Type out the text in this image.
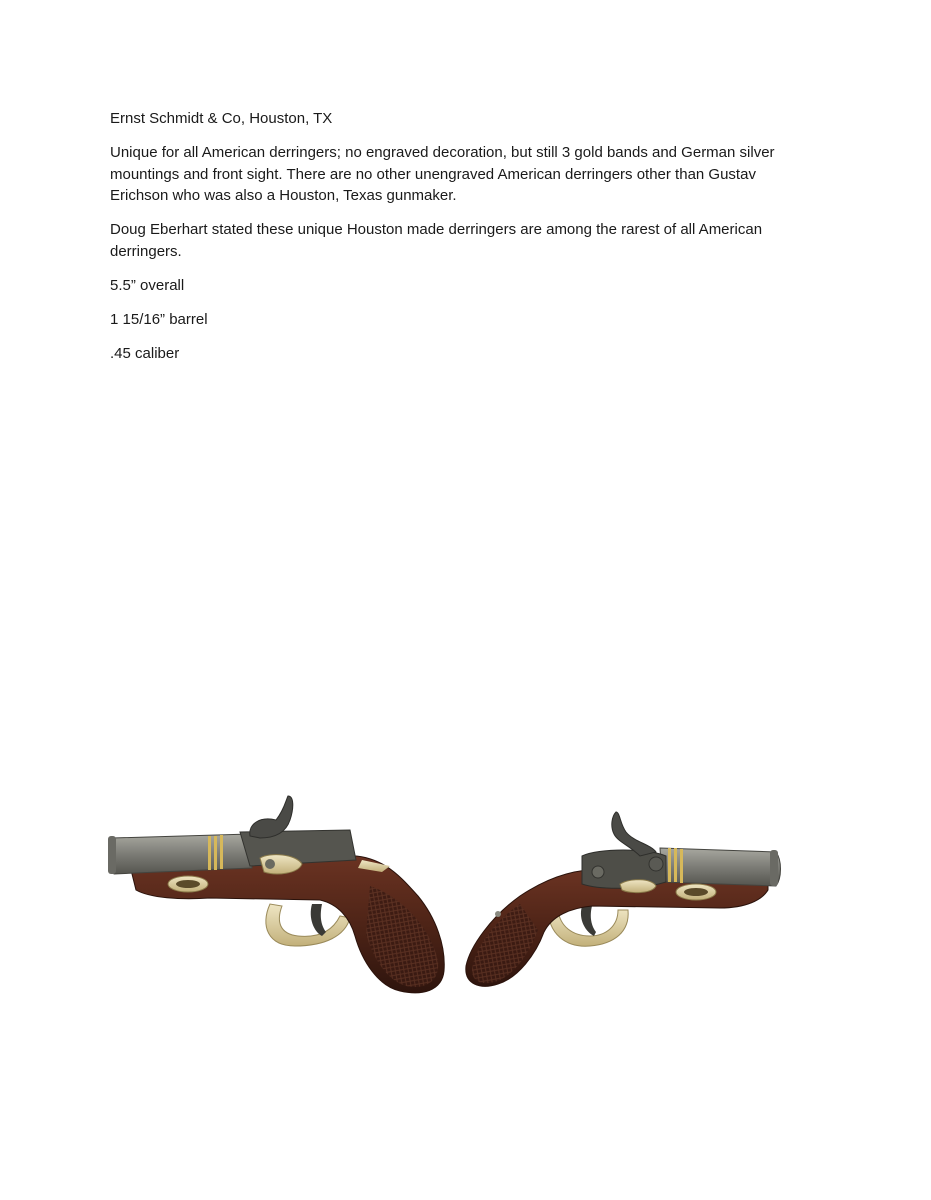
Ernst Schmidt & Co, Houston, TX

Unique for all American derringers; no engraved decoration, but still 3 gold bands and German silver mountings and front sight. There are no other unengraved American derringers other than Gustav Erichson who was also a Houston, Texas gunmaker.

Doug Eberhart stated these unique Houston made derringers are among the rarest of all American derringers.

5.5” overall

1 15/16” barrel

.45 caliber
